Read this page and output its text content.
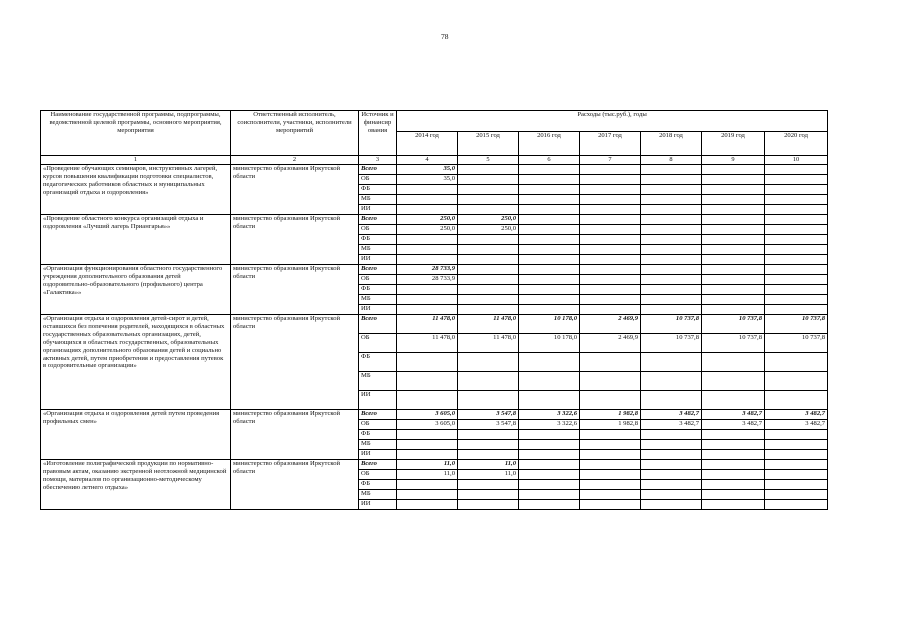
78
Наименование государственной программы, подпрограммы, ведомственной целевой программы, основного мероприятия, мероприятия	Ответственный исполнитель, соисполнители, участники, исполнители мероприятий	Источник и финансир ования	Расходы (тыс.руб.), годы						
			2014 год	2015 год	2016 год	2017 год	2018 год	2019 год	2020 год
1	2	3	4	5	6	7	8	9	10
«Проведение обучающих семинаров, инструктивных лагерей, курсов повышения квалификации подготовки специалистов, педагогических работников областных и муниципальных организаций отдыха и оздоровления»	министерство образования Иркутской области	Всего	35,0						
		ОБ	35,0						
		ФБ							
		МБ							
		ИИ							
«Проведение областного конкурса организаций отдыха и оздоровления «Лучший лагерь Приангарья»»	министерство образования Иркутской области	Всего	250,0	250,0					
		ОБ	250,0	250,0					
		ФБ							
		МБ							
		ИИ							
«Организация функционирования областного государственного учреждения дополнительного образования детей оздоровительно-образовательного (профильного) центра «Галактика»»	министерство образования Иркутской области	Всего	28 733,9						
		ОБ	28 733,9						
		ФБ							
		МБ							
		ИИ							
«Организация отдыха и оздоровления детей-сирот и детей, оставшихся без попечения родителей, находящихся в областных государственных образовательных организациях, детей, обучающихся в областных государственных, образовательных организациях дополнительного образования детей и социально активных детей, путем приобретения и предоставления путевок в оздоровительные организации»	министерство образования Иркутской области	Всего	11 478,0	11 478,0	10 178,0	2 469,9	10 737,8	10 737,8	10 737,8
		ОБ	11 478,0	11 478,0	10 178,0	2 469,9	10 737,8	10 737,8	10 737,8
		ФБ							
		МБ							
		ИИ							
«Организация отдыха и оздоровления детей путем проведения профильных смен»	министерство образования Иркутской области	Всего	3 605,0	3 547,8	3 322,6	1 982,8	3 482,7	3 482,7	3 482,7
		ОБ	3 605,0	3 547,8	3 322,6	1 982,8	3 482,7	3 482,7	3 482,7
		ФБ							
		МБ							
		ИИ							
«Изготовление полиграфической продукции по нормативно-правовым актам, оказанию экстренной неотложной медицинской помощи, материалов по организационно-методическому обеспечению летнего отдыха»	министерство образования Иркутской области	Всего	11,0	11,0					
		ОБ	11,0	11,0					
		ФБ							
		МБ							
		ИИ							
